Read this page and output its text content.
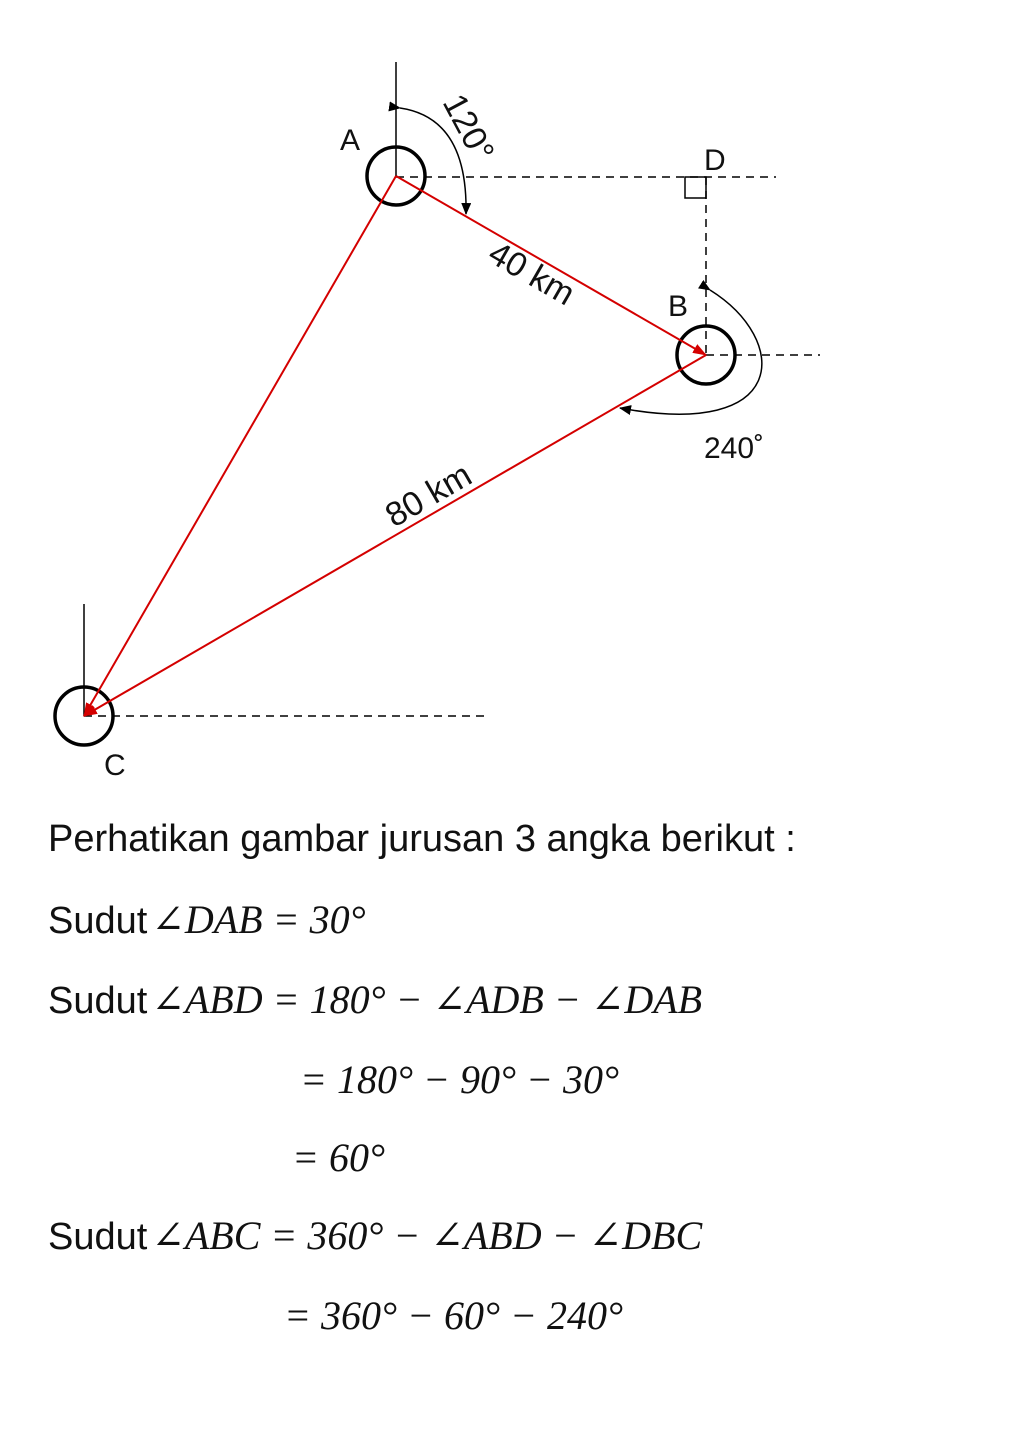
A
B
C
D
120°
240˚
40 km
80 km
Perhatikan gambar jurusan 3 angka berikut :
Sudut ∠DAB = 30°
Sudut ∠ABD = 180° − ∠ADB − ∠DAB
= 180° − 90° − 30°
= 60°
Sudut ∠ABC = 360° − ∠ABD − ∠DBC
= 360° − 60° − 240°
